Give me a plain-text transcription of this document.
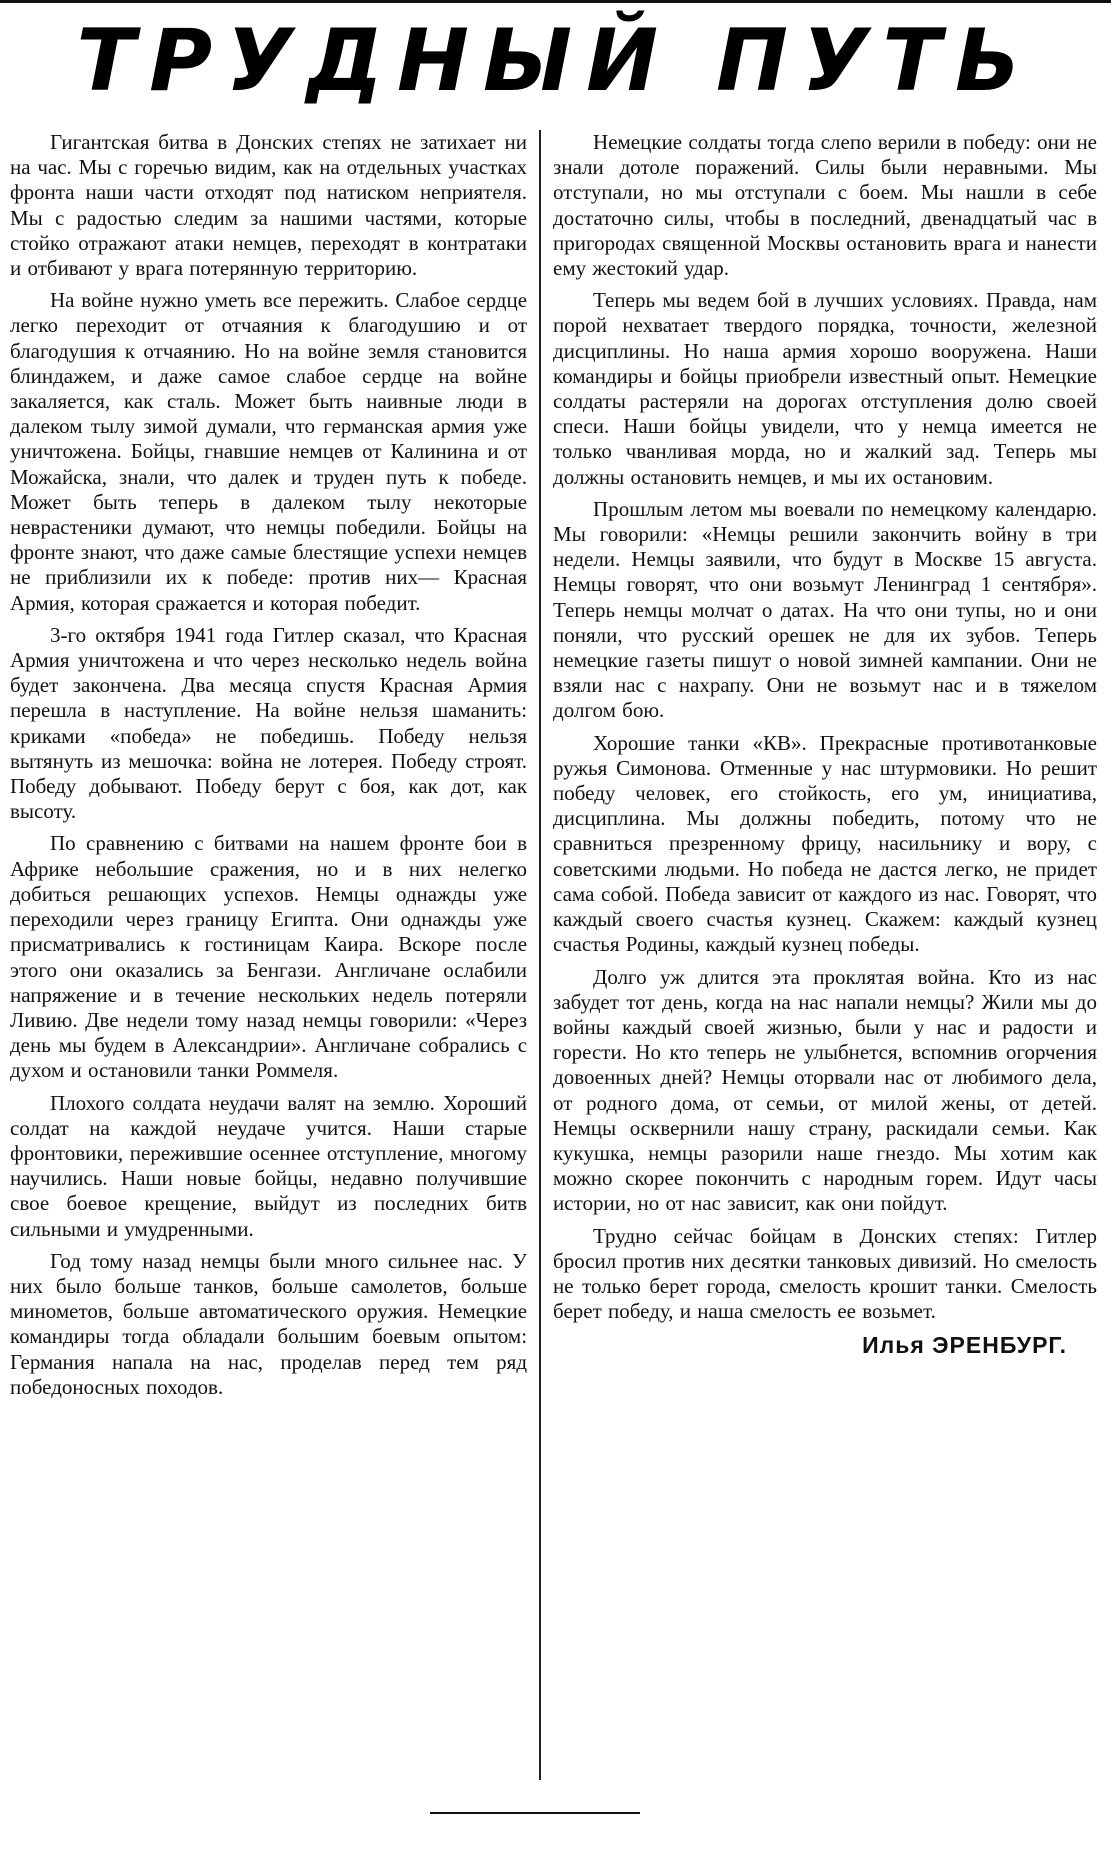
ТРУДНЫЙ ПУТЬ

Гигантская битва в Донских степях не затихает ни на час. Мы с горечью видим, как на отдельных участках фронта наши части отходят под натиском неприятеля. Мы с радостью следим за нашими частями, которые стойко отражают атаки немцев, переходят в контратаки и отбивают у врага потерянную территорию.

На войне нужно уметь все пережить. Слабое сердце легко переходит от отчаяния к благодушию и от благодушия к отчаянию. Но на войне земля становится блиндажем, и даже самое слабое сердце на войне закаляется, как сталь. Может быть наивные люди в далеком тылу зимой думали, что германская армия уже уничтожена. Бойцы, гнавшие немцев от Калинина и от Можайска, знали, что далек и труден путь к победе. Может быть теперь в далеком тылу некоторые неврастеники думают, что немцы победили. Бойцы на фронте знают, что даже самые блестящие успехи немцев не приблизили их к победе: против них— Красная Армия, которая сражается и которая победит.

3-го октября 1941 года Гитлер сказал, что Красная Армия уничтожена и что через несколько недель война будет закончена. Два месяца спустя Красная Армия перешла в наступление. На войне нельзя шаманить: криками «победа» не победишь. Победу нельзя вытянуть из мешочка: война не лотерея. Победу строят. Победу добывают. Победу берут с боя, как дот, как высоту.

По сравнению с битвами на нашем фронте бои в Африке небольшие сражения, но и в них нелегко добиться решающих успехов. Немцы однажды уже переходили через границу Египта. Они однажды уже присматривались к гостиницам Каира. Вскоре после этого они оказались за Бенгази. Англичане ослабили напряжение и в течение нескольких недель потеряли Ливию. Две недели тому назад немцы говорили: «Через день мы будем в Александрии». Англичане собрались с духом и остановили танки Роммеля.

Плохого солдата неудачи валят на землю. Хороший солдат на каждой неудаче учится. Наши старые фронтовики, пережившие осеннее отступление, многому научились. Наши новые бойцы, недавно получившие свое боевое крещение, выйдут из последних битв сильными и умудренными.

Год тому назад немцы были много сильнее нас. У них было больше танков, больше самолетов, больше минометов, больше автоматического оружия. Немецкие командиры тогда обладали большим боевым опытом: Германия напала на нас, проделав перед тем ряд победоносных походов.

Немецкие солдаты тогда слепо верили в победу: они не знали дотоле поражений. Силы были неравными. Мы отступали, но мы отступали с боем. Мы нашли в себе достаточно силы, чтобы в последний, двенадцатый час в пригородах священной Москвы остановить врага и нанести ему жестокий удар.

Теперь мы ведем бой в лучших условиях. Правда, нам порой нехватает твердого порядка, точности, железной дисциплины. Но наша армия хорошо вооружена. Наши командиры и бойцы приобрели известный опыт. Немецкие солдаты растеряли на дорогах отступления долю своей спеси. Наши бойцы увидели, что у немца имеется не только чванливая морда, но и жалкий зад. Теперь мы должны остановить немцев, и мы их остановим.

Прошлым летом мы воевали по немецкому календарю. Мы говорили: «Немцы решили закончить войну в три недели. Немцы заявили, что будут в Москве 15 августа. Немцы говорят, что они возьмут Ленинград 1 сентября». Теперь немцы молчат о датах. На что они тупы, но и они поняли, что русский орешек не для их зубов. Теперь немецкие газеты пишут о новой зимней кампании. Они не взяли нас с нахрапу. Они не возьмут нас и в тяжелом долгом бою.

Хорошие танки «КВ». Прекрасные противотанковые ружья Симонова. Отменные у нас штурмовики. Но решит победу человек, его стойкость, его ум, инициатива, дисциплина. Мы должны победить, потому что не сравниться презренному фрицу, насильнику и вору, с советскими людьми. Но победа не дастся легко, не придет сама собой. Победа зависит от каждого из нас. Говорят, что каждый своего счастья кузнец. Скажем: каждый кузнец счастья Родины, каждый кузнец победы.

Долго уж длится эта проклятая война. Кто из нас забудет тот день, когда на нас напали немцы? Жили мы до войны каждый своей жизнью, были у нас и радости и горести. Но кто теперь не улыбнется, вспомнив огорчения довоенных дней? Немцы оторвали нас от любимого дела, от родного дома, от семьи, от милой жены, от детей. Немцы осквернили нашу страну, раскидали семьи. Как кукушка, немцы разорили наше гнездо. Мы хотим как можно скорее покончить с народным горем. Идут часы истории, но от нас зависит, как они пойдут.

Трудно сейчас бойцам в Донских степях: Гитлер бросил против них десятки танковых дивизий. Но смелость не только берет города, смелость крошит танки. Смелость берет победу, и наша смелость ее возьмет.

Илья ЭРЕНБУРГ.
